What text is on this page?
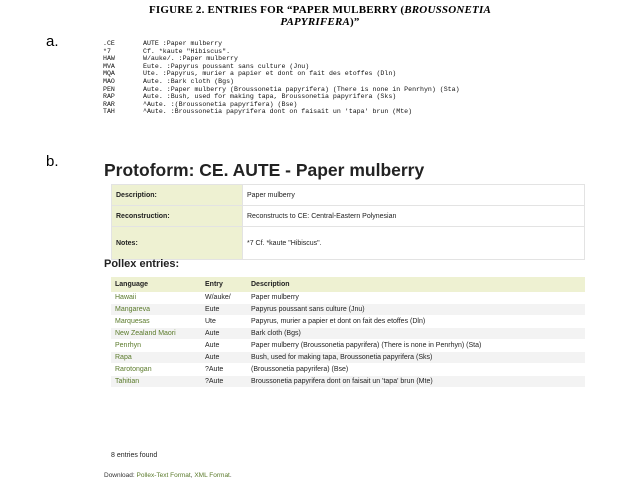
FIGURE 2. ENTRIES FOR “PAPER MULBERRY (BROUSSONETIA
PAPYRIFERA)”
a.	.CE	AUTE :Paper mulberry
*7	Cf. *kaute "Hibiscus".
HAW	W/auke/. :Paper mulberry
MVA	Eute. :Papyrus poussant sans culture (Jnu)
MQA	Ute. :Papyrus, murier a papier et dont on fait des etoffes (Dln)
MAO	Aute. :Bark cloth (Bgs)
PEN	Aute. :Paper mulberry (Broussonetia papyrifera) (There is none in Penrhyn) (Sta)
RAP	Aute. :Bush, used for making tapa, Broussonetia papyrifera (Sks)
RAR	^Aute. :(Broussonetia papyrifera) (Bse)
TAH	^Aute. :Broussonetia papyrifera dont on faisait un 'tapa' brun (Mte)
b.	Protoform: CE. AUTE - Paper mulberry
Description:	Paper mulberry
Reconstruction:	Reconstructs to CE: Central-Eastern Polynesian
Notes:	*7 Cf. *kaute "Hibiscus".
Pollex entries:
Language	Entry	Description
Hawaii	W/auke/	Paper mulberry
Mangareva	Eute	Papyrus poussant sans culture (Jnu)
Marquesas	Ute	Papyrus, murier a papier et dont on fait des etoffes (Dln)
New Zealand Maori	Aute	Bark cloth (Bgs)
Penrhyn	Aute	Paper mulberry (Broussonetia papyrifera) (There is none in Penrhyn) (Sta)
Rapa	Aute	Bush, used for making tapa, Broussonetia papyrifera (Sks)
Rarotongan	?Aute	(Broussonetia papyrifera) (Bse)
Tahitian	?Aute	Broussonetia papyrifera dont on faisait un 'tapa' brun (Mte)
8 entries found
Download: Pollex-Text Format, XML Format.
